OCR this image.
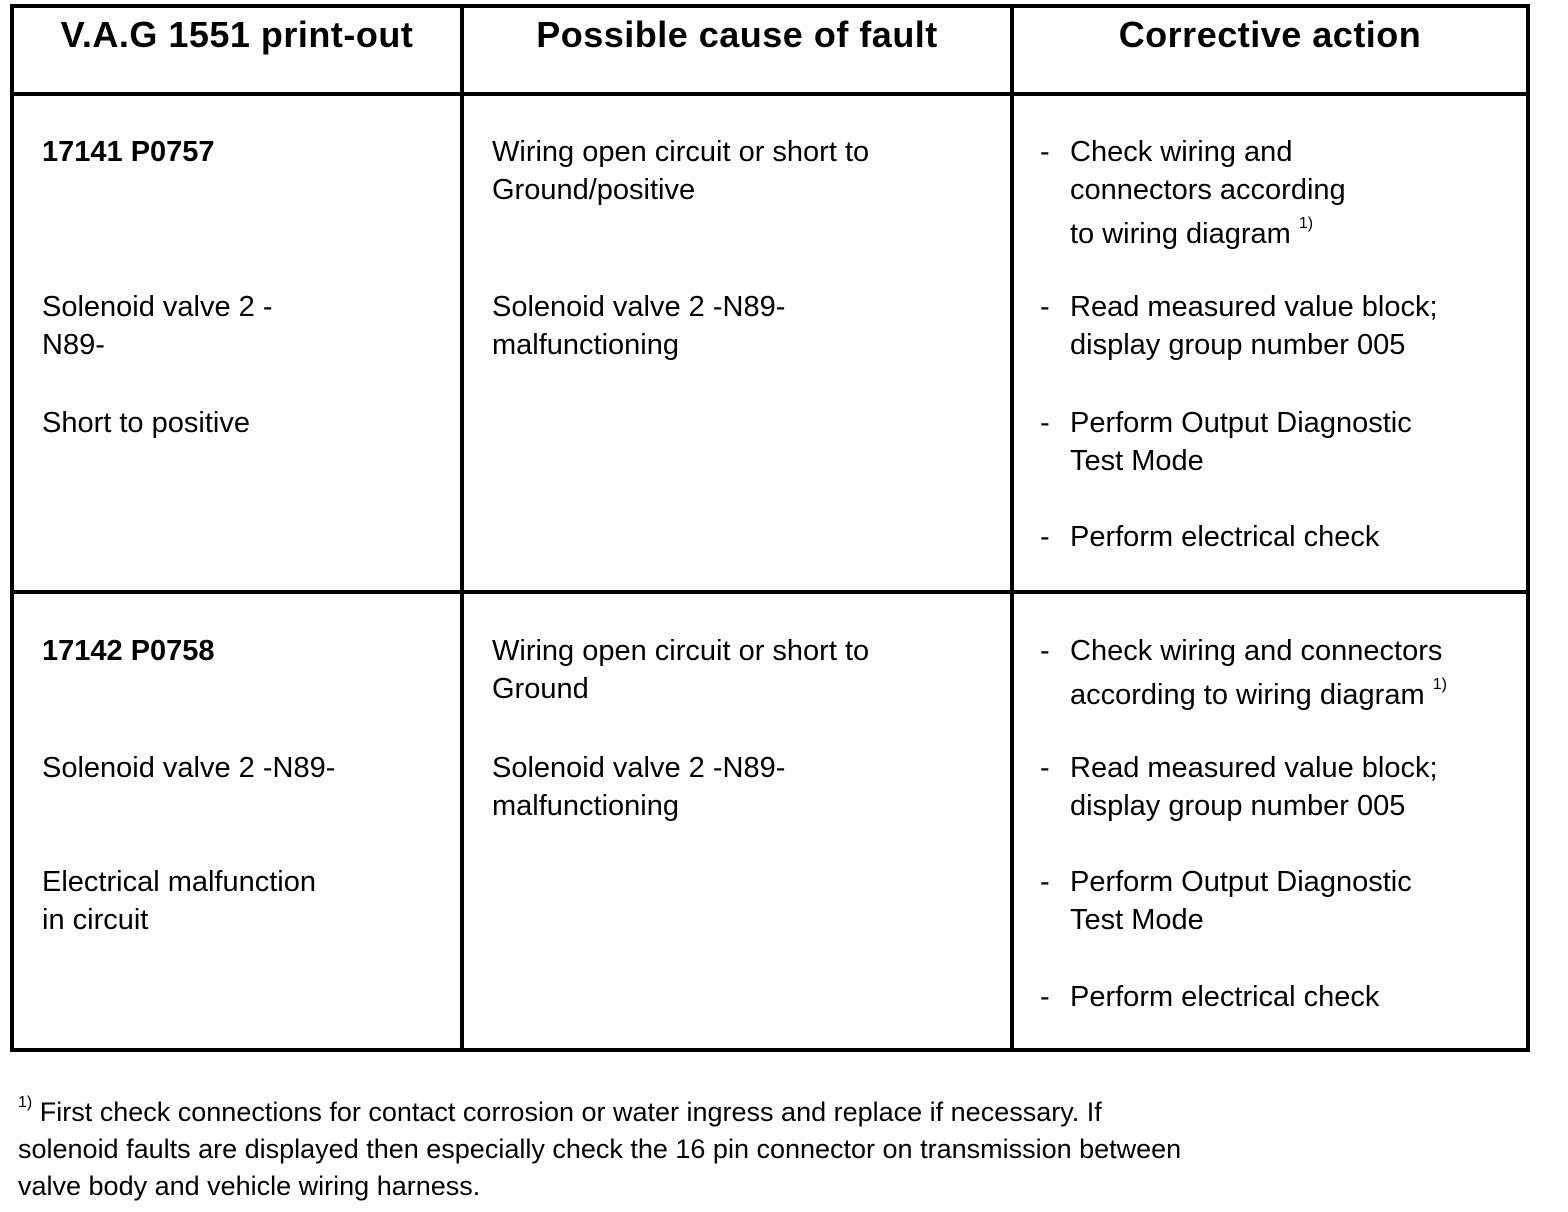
V.A.G 1551 print-out	Possible cause of fault	Corrective action
17141 P0757
Solenoid valve 2 -
N89-
Short to positive
Wiring open circuit or short to
Ground/positive
Solenoid valve 2 -N89-
malfunctioning
- Check wiring and
connectors according
to wiring diagram $^{1)}$
- Read measured value block;
display group number 005
- Perform Output Diagnostic
Test Mode
- Perform electrical check
17142 P0758
Solenoid valve 2 -N89-
Electrical malfunction
in circuit
Wiring open circuit or short to
Ground
Solenoid valve 2 -N89-
malfunctioning
- Check wiring and connectors
according to wiring diagram $^{1)}$
- Read measured value block;
display group number 005
- Perform Output Diagnostic
Test Mode
- Perform electrical check
$^{1)}$ First check connections for contact corrosion or water ingress and replace if necessary. If
solenoid faults are displayed then especially check the 16 pin connector on transmission between
valve body and vehicle wiring harness.
